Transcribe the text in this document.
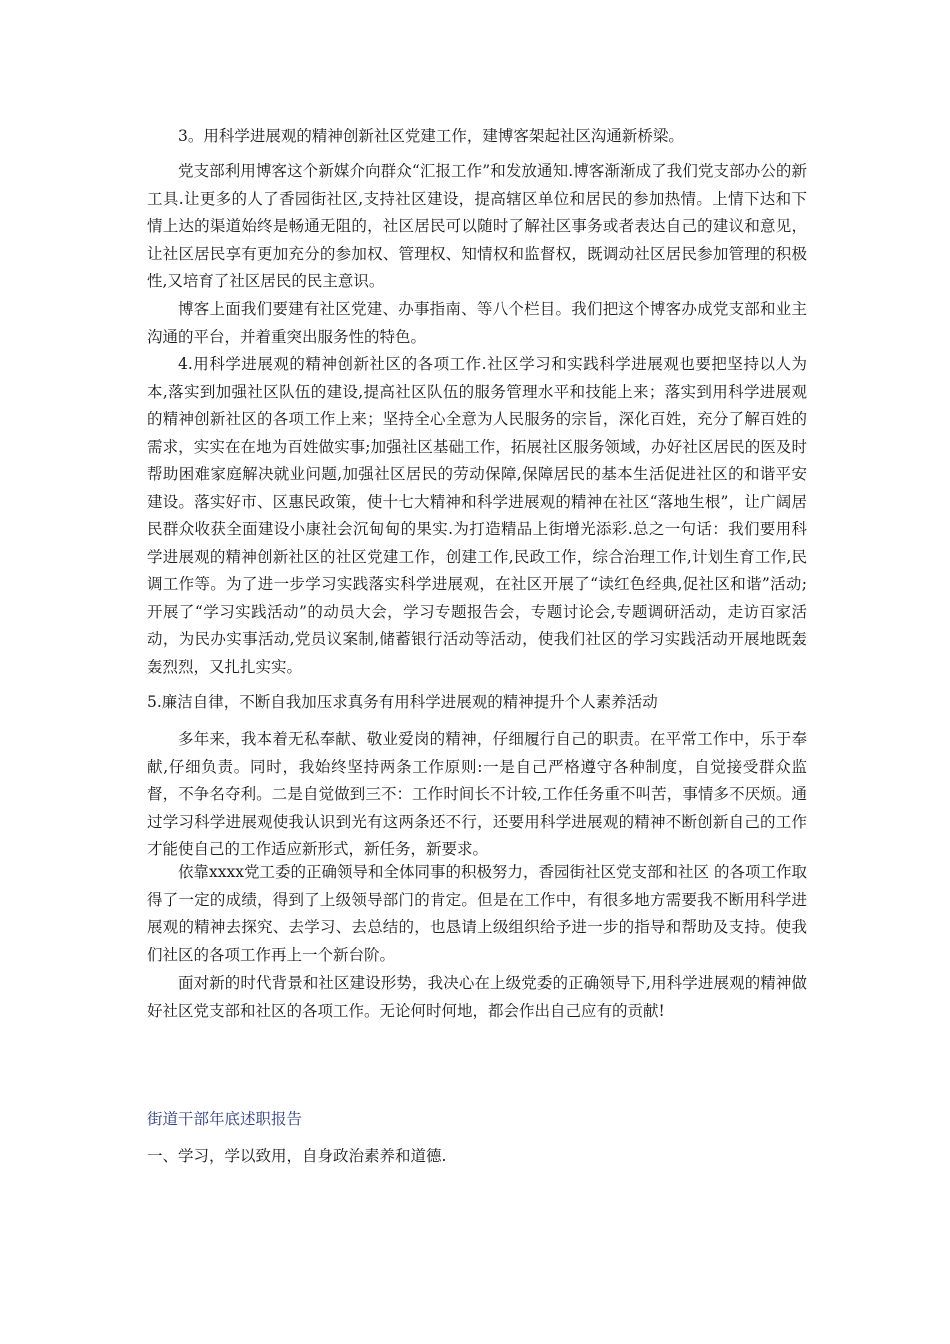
3。用科学进展观的精神创新社区党建工作，建博客架起社区沟通新桥梁。

党支部利用博客这个新媒介向群众“汇报工作”和发放通知.博客渐渐成了我们党支部办公的新工具.让更多的人了香园街社区,支持社区建设，提高辖区单位和居民的参加热情。上情下达和下情上达的渠道始终是畅通无阻的，社区居民可以随时了解社区事务或者表达自己的建议和意见，让社区居民享有更加充分的参加权、管理权、知情权和监督权，既调动社区居民参加管理的积极性,又培育了社区居民的民主意识。

博客上面我们要建有社区党建、办事指南、等八个栏目。我们把这个博客办成党支部和业主沟通的平台，并着重突出服务性的特色。

4.用科学进展观的精神创新社区的各项工作.社区学习和实践科学进展观也要把坚持以人为本,落实到加强社区队伍的建设,提高社区队伍的服务管理水平和技能上来；落实到用科学进展观的精神创新社区的各项工作上来；坚持全心全意为人民服务的宗旨，深化百姓，充分了解百姓的需求，实实在在地为百姓做实事;加强社区基础工作，拓展社区服务领域，办好社区居民的医及时帮助困难家庭解决就业问题,加强社区居民的劳动保障,保障居民的基本生活促进社区的和谐平安建设。落实好市、区惠民政策，使十七大精神和科学进展观的精神在社区“落地生根”，让广阔居民群众收获全面建设小康社会沉甸甸的果实.为打造精品上街增光添彩.总之一句话：我们要用科学进展观的精神创新社区的社区党建工作，创建工作,民政工作，综合治理工作,计划生育工作,民调工作等。为了进一步学习实践落实科学进展观，在社区开展了“读红色经典,促社区和谐”活动;开展了“学习实践活动”的动员大会，学习专题报告会，专题讨论会,专题调研活动，走访百家活动，为民办实事活动,党员议案制,储蓄银行活动等活动，使我们社区的学习实践活动开展地既轰轰烈烈，又扎扎实实。

5.廉洁自律，不断自我加压求真务有用科学进展观的精神提升个人素养活动

多年来，我本着无私奉献、敬业爱岗的精神，仔细履行自己的职责。在平常工作中，乐于奉献,仔细负责。同时，我始终坚持两条工作原则:一是自己严格遵守各种制度，自觉接受群众监督，不争名夺利。二是自觉做到三不：工作时间长不计较,工作任务重不叫苦，事情多不厌烦。通过学习科学进展观使我认识到光有这两条还不行，还要用科学进展观的精神不断创新自己的工作才能使自己的工作适应新形式，新任务，新要求。

依靠xxxx党工委的正确领导和全体同事的积极努力，香园街社区党支部和社区 的各项工作取得了一定的成绩，得到了上级领导部门的肯定。但是在工作中，有很多地方需要我不断用科学进展观的精神去探究、去学习、去总结的，也恳请上级组织给予进一步的指导和帮助及支持。使我们社区的各项工作再上一个新台阶。

面对新的时代背景和社区建设形势，我决心在上级党委的正确领导下,用科学进展观的精神做好社区党支部和社区的各项工作。无论何时何地，都会作出自己应有的贡献!

街道干部年底述职报告

一、学习，学以致用，自身政治素养和道德.
